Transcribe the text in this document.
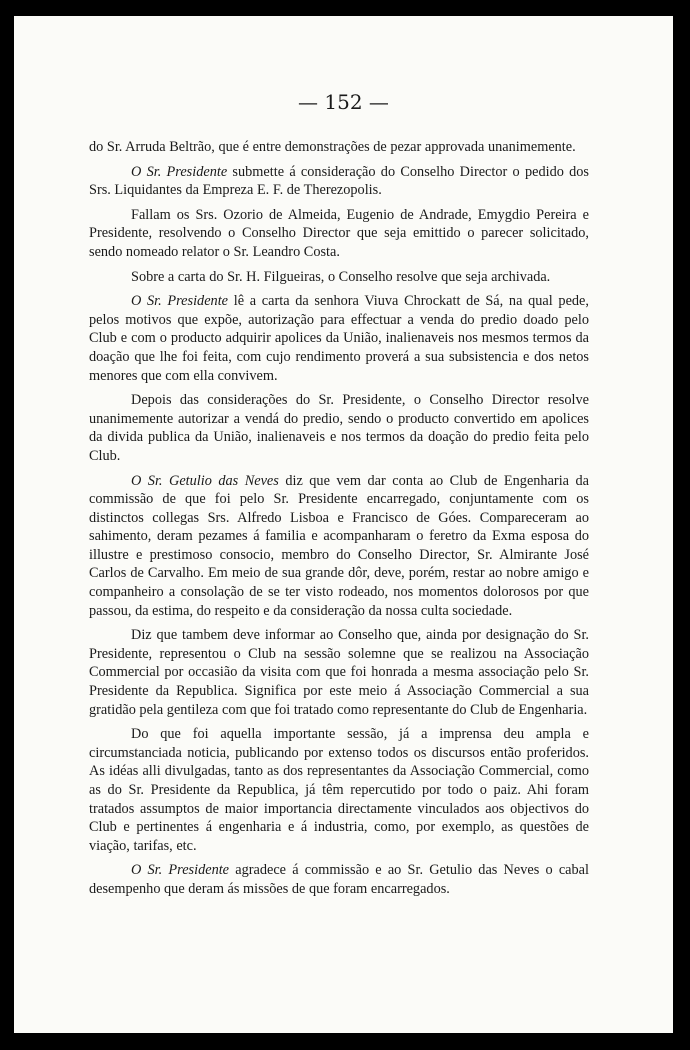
— 152 —

do Sr. Arruda Beltrão, que é entre demonstrações de pezar approvada unanimemente.

O Sr. Presidente submette á consideração do Conselho Director o pedido dos Srs. Liquidantes da Empreza E. F. de Therezopolis.

Fallam os Srs. Ozorio de Almeida, Eugenio de Andrade, Emygdio Pereira e Presidente, resolvendo o Conselho Director que seja emittido o parecer solicitado, sendo nomeado relator o Sr. Leandro Costa.

Sobre a carta do Sr. H. Filgueiras, o Conselho resolve que seja archivada.

O Sr. Presidente lê a carta da senhora Viuva Chrockatt de Sá, na qual pede, pelos motivos que expõe, autorização para effectuar a venda do predio doado pelo Club e com o producto adquirir apolices da União, inalienaveis nos mesmos termos da doação que lhe foi feita, com cujo rendimento proverá a sua subsistencia e dos netos menores que com ella convivem.

Depois das considerações do Sr. Presidente, o Conselho Director resolve unanimemente autorizar a vendá do predio, sendo o producto convertido em apolices da divida publica da União, inalienaveis e nos termos da doação do predio feita pelo Club.

O Sr. Getulio das Neves diz que vem dar conta ao Club de Engenharia da commissão de que foi pelo Sr. Presidente encarregado, conjuntamente com os distinctos collegas Srs. Alfredo Lisboa e Francisco de Góes. Compareceram ao sahimento, deram pezames á familia e acompanharam o feretro da Exma esposa do illustre e prestimoso consocio, membro do Conselho Director, Sr. Almirante José Carlos de Carvalho. Em meio de sua grande dôr, deve, porém, restar ao nobre amigo e companheiro a consolação de se ter visto rodeado, nos momentos dolorosos por que passou, da estima, do respeito e da consideração da nossa culta sociedade.

Diz que tambem deve informar ao Conselho que, ainda por designação do Sr. Presidente, representou o Club na sessão solemne que se realizou na Associação Commercial por occasião da visita com que foi honrada a mesma associação pelo Sr. Presidente da Republica. Significa por este meio á Associação Commercial a sua gratidão pela gentileza com que foi tratado como representante do Club de Engenharia.

Do que foi aquella importante sessão, já a imprensa deu ampla e circumstanciada noticia, publicando por extenso todos os discursos então proferidos. As idéas alli divulgadas, tanto as dos representantes da Associação Commercial, como as do Sr. Presidente da Republica, já têm repercutido por todo o paiz. Ahi foram tratados assumptos de maior importancia directamente vinculados aos objectivos do Club e pertinentes á engenharia e á industria, como, por exemplo, as questões de viação, tarifas, etc.

O Sr. Presidente agradece á commissão e ao Sr. Getulio das Neves o cabal desempenho que deram ás missões de que foram encarregados.
